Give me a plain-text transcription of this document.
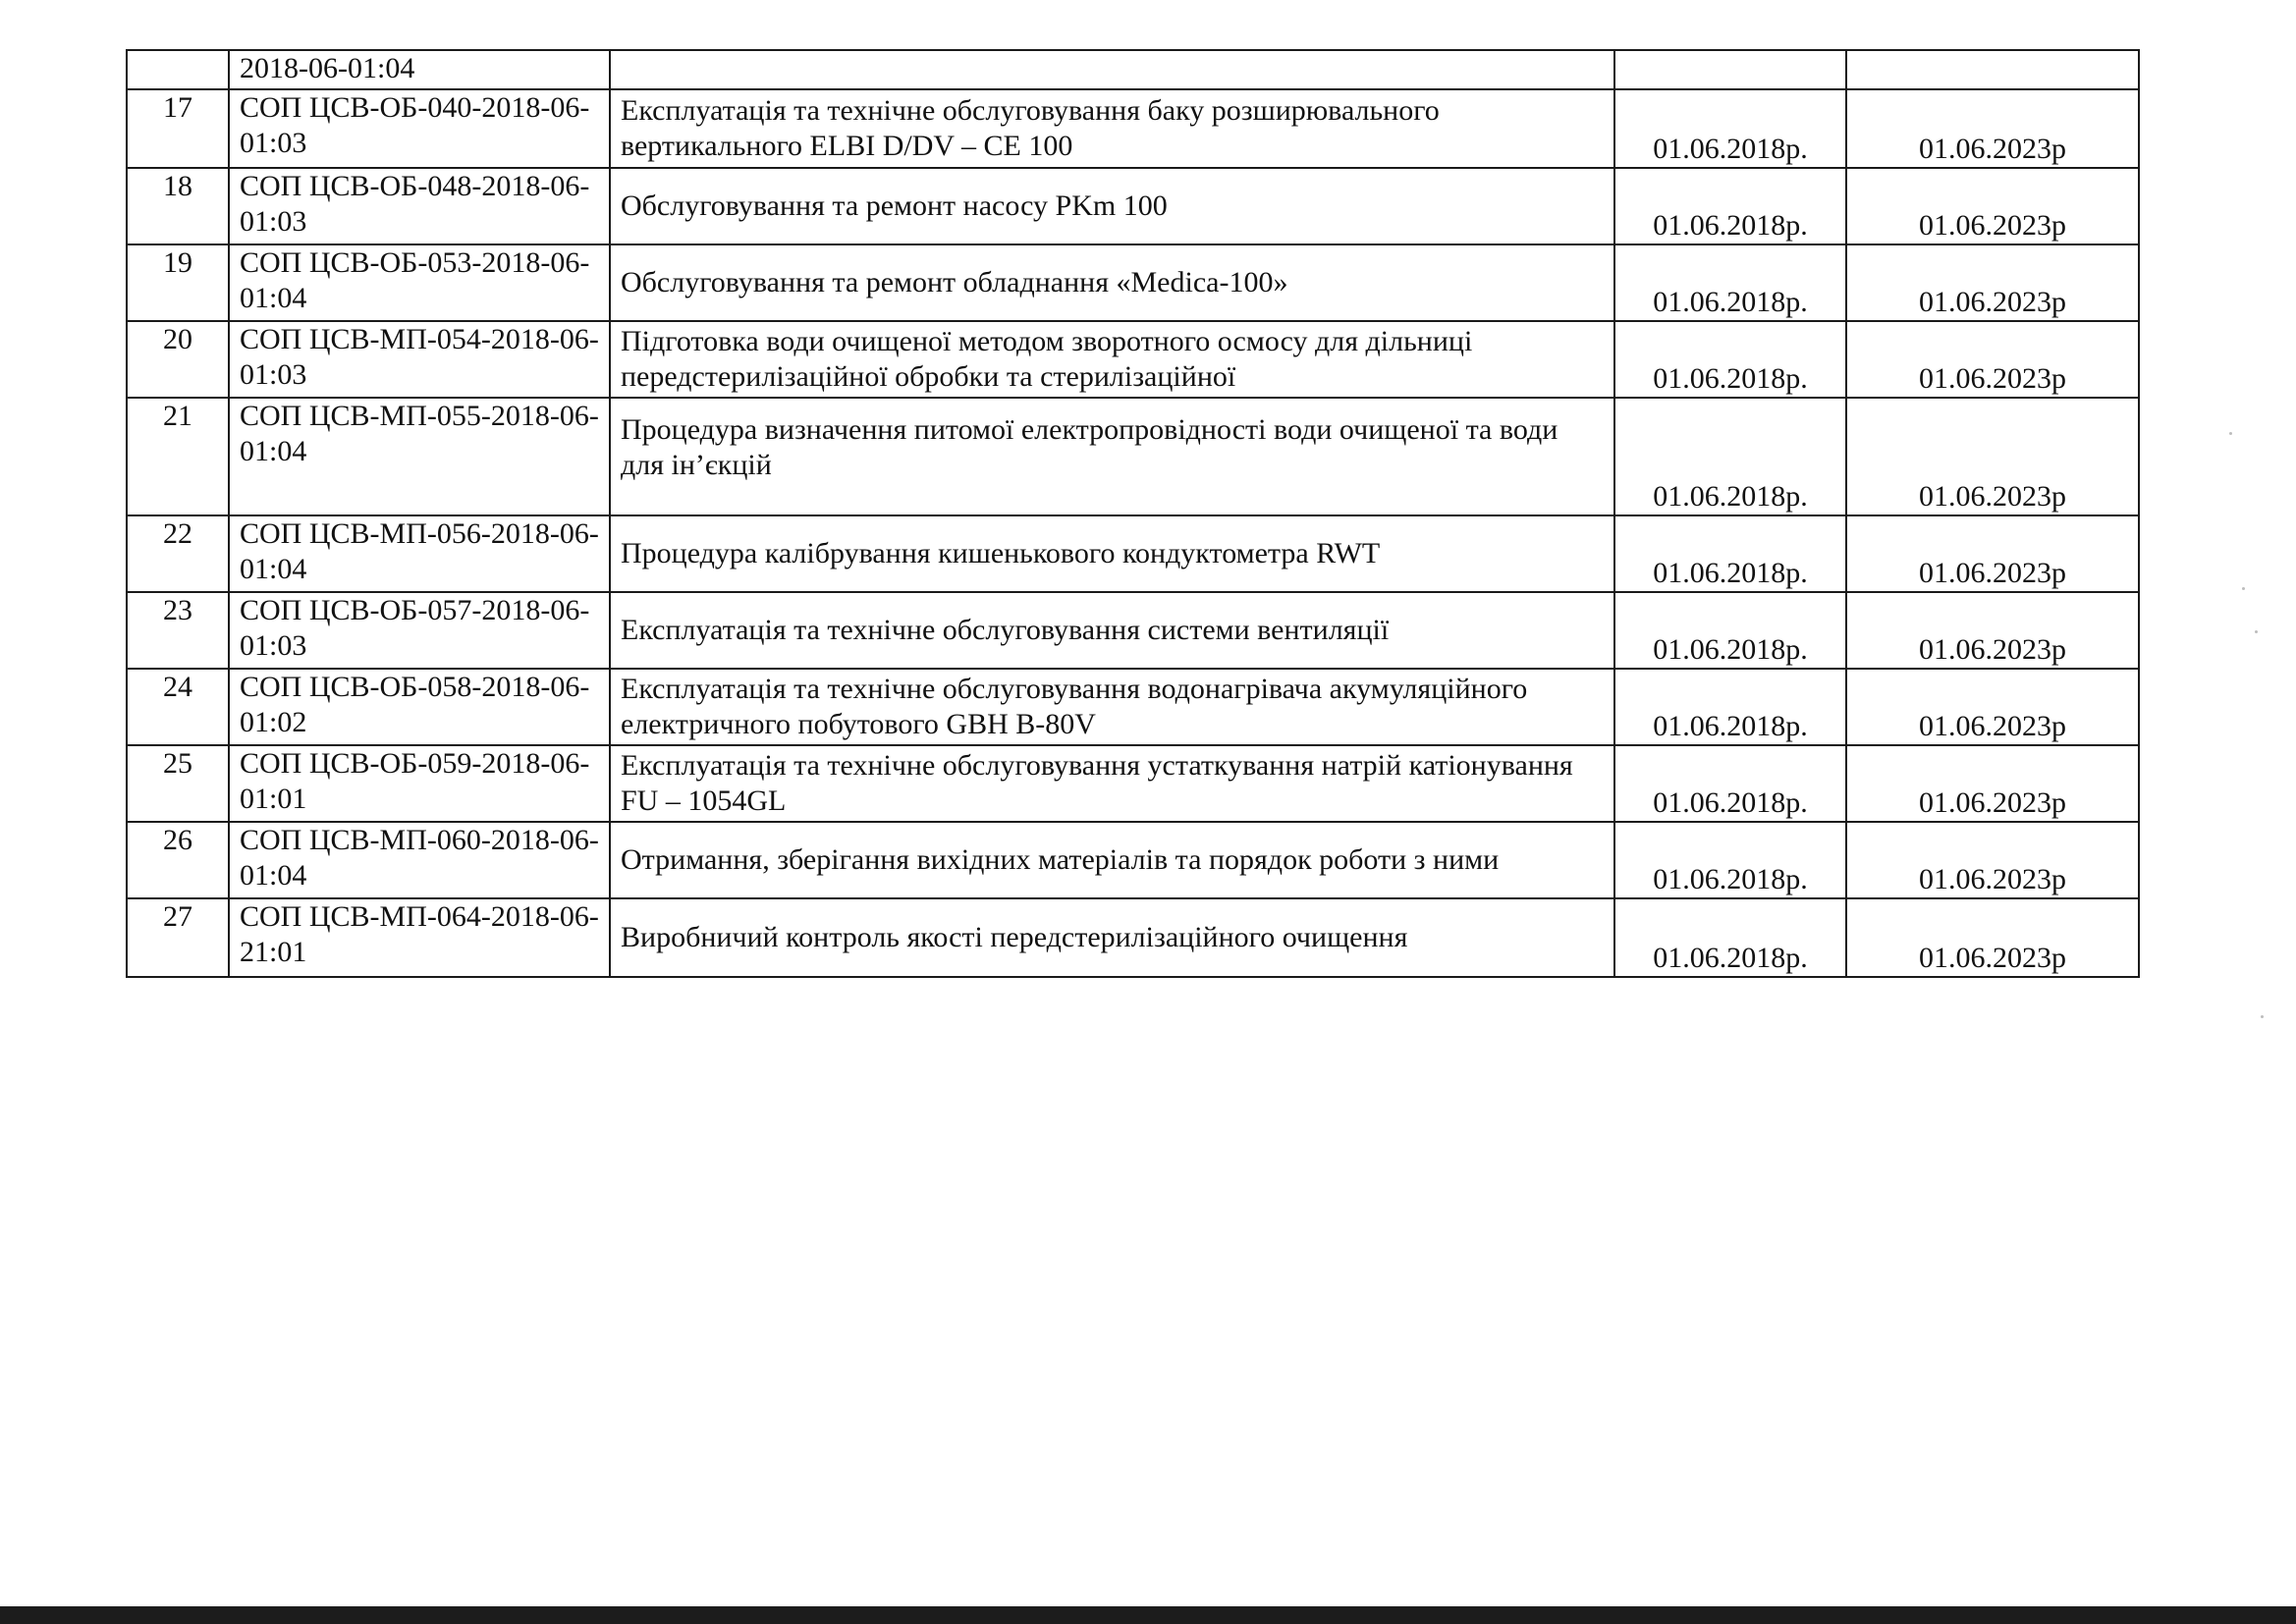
	2018-06-01:04			
17	СОП ЦСВ-ОБ-040-2018-06-01:03	Експлуатація та технічне обслуговування баку розширювального вертикального ELBI D/DV – CE 100	01.06.2018р.	01.06.2023р
18	СОП ЦСВ-ОБ-048-2018-06-01:03	Обслуговування та ремонт насосу PKm 100	01.06.2018р.	01.06.2023р
19	СОП ЦСВ-ОБ-053-2018-06-01:04	Обслуговування та ремонт обладнання «Medica-100»	01.06.2018р.	01.06.2023р
20	СОП ЦСВ-МП-054-2018-06-01:03	Підготовка води очищеної методом зворотного осмосу для дільниці передстерилізаційної обробки та стерилізаційної	01.06.2018р.	01.06.2023р
21	СОП ЦСВ-МП-055-2018-06-01:04	Процедура визначення питомої електропровідності води очищеної та води для ін’єкцій	01.06.2018р.	01.06.2023р
22	СОП ЦСВ-МП-056-2018-06-01:04	Процедура калібрування кишенькового кондуктометра RWT	01.06.2018р.	01.06.2023р
23	СОП ЦСВ-ОБ-057-2018-06-01:03	Експлуатація та технічне обслуговування системи вентиляції	01.06.2018р.	01.06.2023р
24	СОП ЦСВ-ОБ-058-2018-06-01:02	Експлуатація та технічне обслуговування водонагрівача акумуляційного електричного побутового GBH B-80V	01.06.2018р.	01.06.2023р
25	СОП ЦСВ-ОБ-059-2018-06-01:01	Експлуатація та технічне обслуговування устаткування натрій катіонування FU – 1054GL	01.06.2018р.	01.06.2023р
26	СОП ЦСВ-МП-060-2018-06-01:04	Отримання, зберігання вихідних матеріалів та порядок роботи з ними	01.06.2018р.	01.06.2023р
27	СОП ЦСВ-МП-064-2018-06-21:01	Виробничий контроль якості передстерилізаційного очищення	01.06.2018р.	01.06.2023р
